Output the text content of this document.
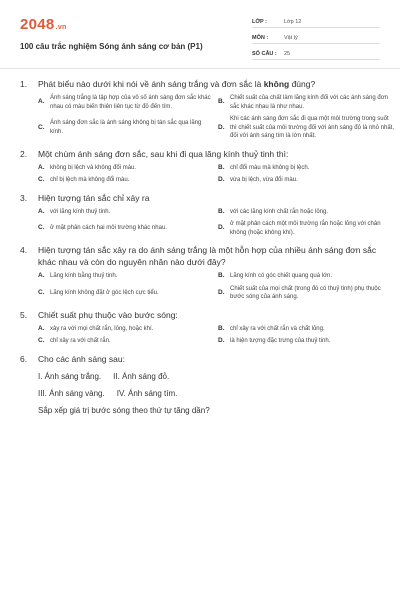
2048.vn
100 câu trắc nghiệm Sóng ánh sáng cơ bản (P1)
LỚP :	Lớp 12
MÔN :	Vật lý
SỐ CÂU :	25
1.	Phát biểu nào dưới khi nói về ánh sáng trắng và đơn sắc là không đúng?
A.
Ánh sáng trắng là tập hợp của vô số ánh sáng đơn sắc khác nhau có màu biến thiên liên tục từ đỏ đến tím.
B.
Chiết suất của chất làm lăng kính đối với các ánh sáng đơn sắc khác nhau là như nhau.
C.
Ánh sáng đơn sắc là ánh sáng không bị tán sắc qua lăng kính.
D.
Khi các ánh sáng đơn sắc đi qua một môi trường trong suốt thì chiết suất của môi trường đối với ánh sáng đỏ là nhỏ nhất, đối với ánh sáng tím là lớn nhất.
2.	Một chùm ánh sáng đơn sắc, sau khi đi qua lăng kính thuỷ tinh thì:
A. không bị lệch và không đổi màu.	B. chỉ đổi màu mà không bị lệch.
C. chỉ bị lệch mà không đổi màu.	D. vừa bị lệch, vừa đổi màu.
3.	Hiện tượng tán sắc chỉ xảy ra
A. với lăng kính thuỷ tinh.	B. với các lăng kính chất rắn hoặc lỏng.
C. ở mặt phân cách hai môi trường khác nhau.	D.
ở mặt phân cách một môi trường rắn hoặc lỏng với chân không (hoặc không khí).
4.	Hiện tượng tán sắc xảy ra do ánh sáng trắng là một hỗn hợp của nhiều ánh sáng đơn sắc khác nhau và còn do nguyên nhân nào dưới đây?
A. Lăng kính bằng thuỷ tinh.	B. Lăng kính có góc chiết quang quá lớn.
C. Lăng kính không đặt ở góc lệch cực tiểu.	D.
Chiết suất của mọi chất (trong đó có thuỷ tinh) phụ thuộc bước sóng của ánh sáng.
5.	Chiết suất phụ thuộc vào bước sóng:
A. xảy ra với mọi chất rắn, lỏng, hoặc khí.	B. chỉ xảy ra với chất rắn và chất lỏng.
C. chỉ xảy ra với chất rắn.	D. là hiện tượng đặc trưng của thuỷ tinh.
6.	Cho các ánh sáng sau:
I. Ánh sáng trắng. II. Ánh sáng đỏ.
III. Ánh sáng vàng. IV. Ánh sáng tím.
Sắp xếp giá trị bước sóng theo thứ tự tăng dần?
